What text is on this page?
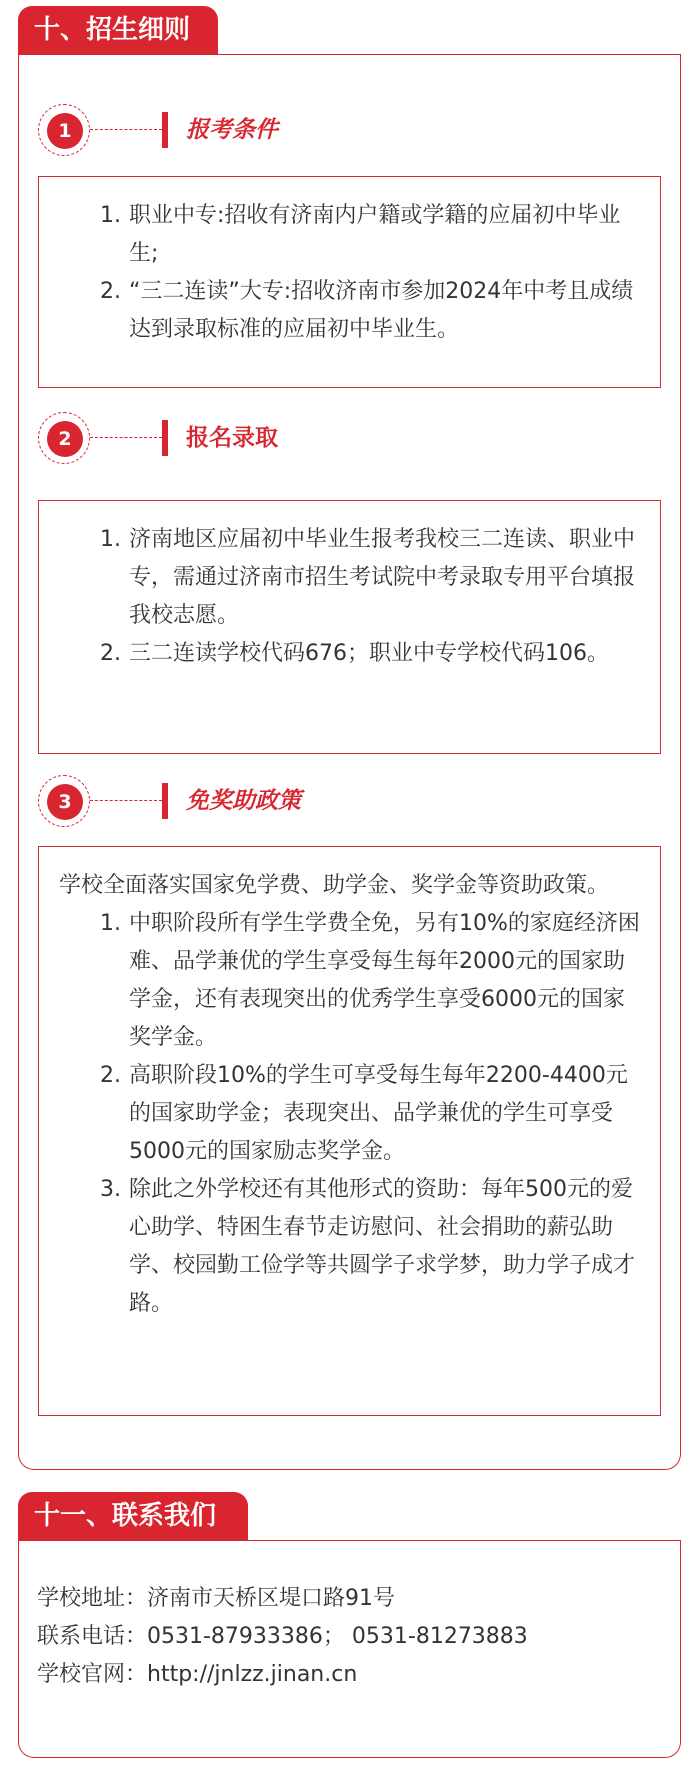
十、招生细则
1	报考条件
1. 职业中专:招收有济南内户籍或学籍的应届初中毕业生;
2. “三二连读”大专:招收济南市参加2024年中考且成绩达到录取标准的应届初中毕业生。
2	报名录取
1. 济南地区应届初中毕业生报考我校三二连读、职业中专，需通过济南市招生考试院中考录取专用平台填报我校志愿。
2. 三二连读学校代码676；职业中专学校代码106。
3	免奖助政策
学校全面落实国家免学费、助学金、奖学金等资助政策。
1. 中职阶段所有学生学费全免，另有10%的家庭经济困难、品学兼优的学生享受每生每年2000元的国家助学金，还有表现突出的优秀学生享受6000元的国家奖学金。
2. 高职阶段10%的学生可享受每生每年2200-4400元的国家助学金；表现突出、品学兼优的学生可享受5000元的国家励志奖学金。
3. 除此之外学校还有其他形式的资助：每年500元的爱心助学、特困生春节走访慰问、社会捐助的薪弘助学、校园勤工俭学等共圆学子求学梦，助力学子成才路。
十一、联系我们
学校地址：济南市天桥区堤口路91号
联系电话：0531-87933386； 0531-81273883
学校官网：http://jnlzz.jinan.cn
